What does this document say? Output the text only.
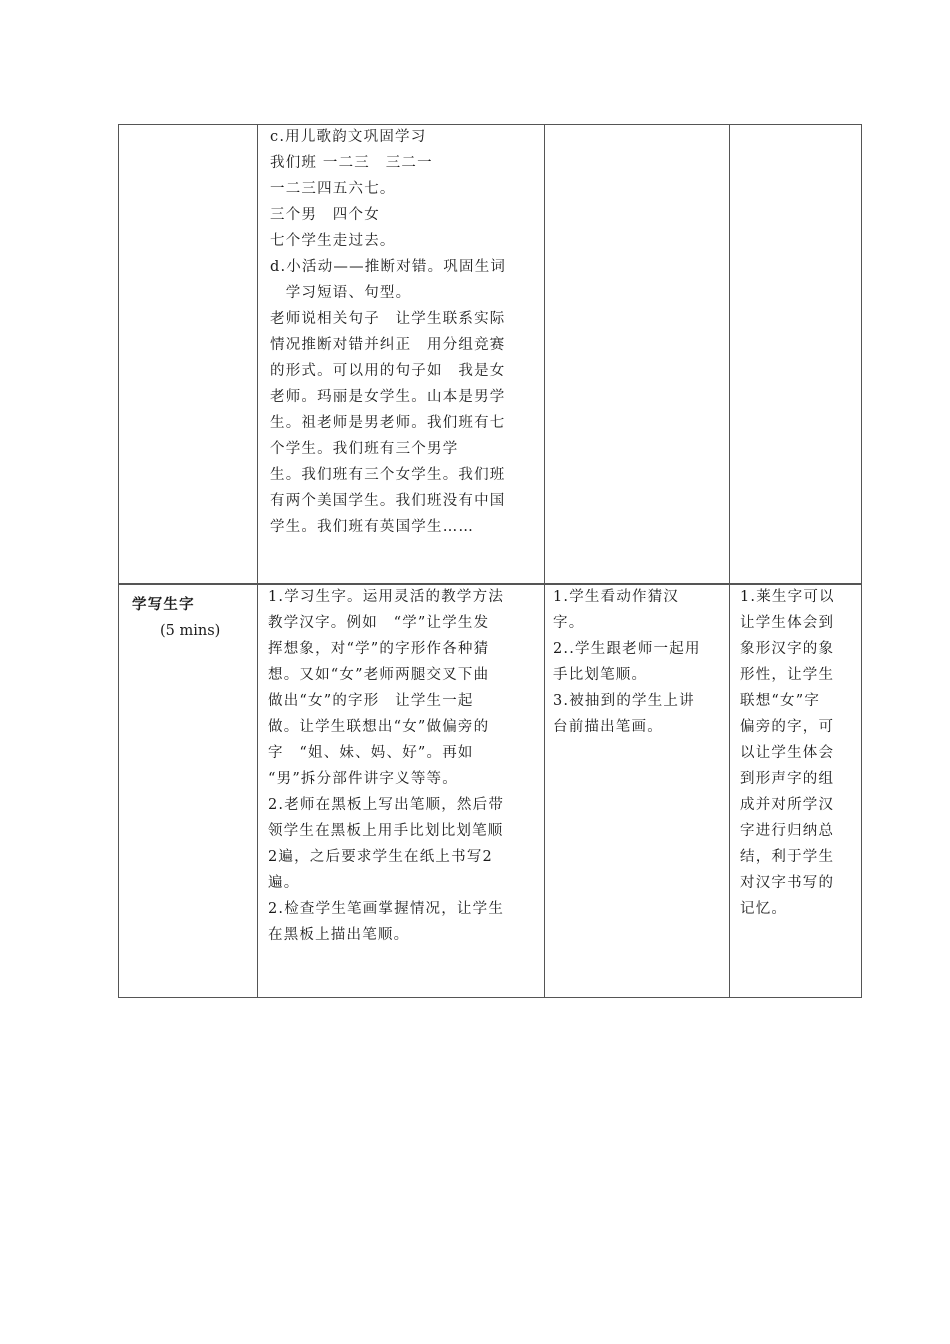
c.用儿歌韵文巩固学习
我们班 一二三　三二一
一二三四五六七。
三个男　四个女
七个学生走过去。
d.小活动——推断对错。巩固生词
　学习短语、句型。
老师说相关句子　让学生联系实际
情况推断对错并纠正　用分组竞赛
的形式。可以用的句子如　我是女
老师。玛丽是女学生。山本是男学
生。祖老师是男老师。我们班有七
个学生。我们班有三个男学
生。我们班有三个女学生。我们班
有两个美国学生。我们班没有中国
学生。我们班有英国学生……
学写生字
(5 mins)
1.学习生字。运用灵活的教学方法
教学汉字。例如　“学”让学生发
挥想象，对“学”的字形作各种猜
想。又如“女”老师两腿交叉下曲
做出“女”的字形　让学生一起
做。让学生联想出“女”做偏旁的
字　“姐、妹、妈、好”。再如
“男”拆分部件讲字义等等。
2.老师在黑板上写出笔顺，然后带
领学生在黑板上用手比划比划笔顺
2遍，之后要求学生在纸上书写2
遍。
2.检查学生笔画掌握情况，让学生
在黑板上描出笔顺。
1.学生看动作猜汉
字。
2..学生跟老师一起用
手比划笔顺。
3.被抽到的学生上讲
台前描出笔画。
1.莱生字可以
让学生体会到
象形汉字的象
形性，让学生
联想“女”字
偏旁的字，可
以让学生体会
到形声字的组
成并对所学汉
字进行归纳总
结，利于学生
对汉字书写的
记忆。
